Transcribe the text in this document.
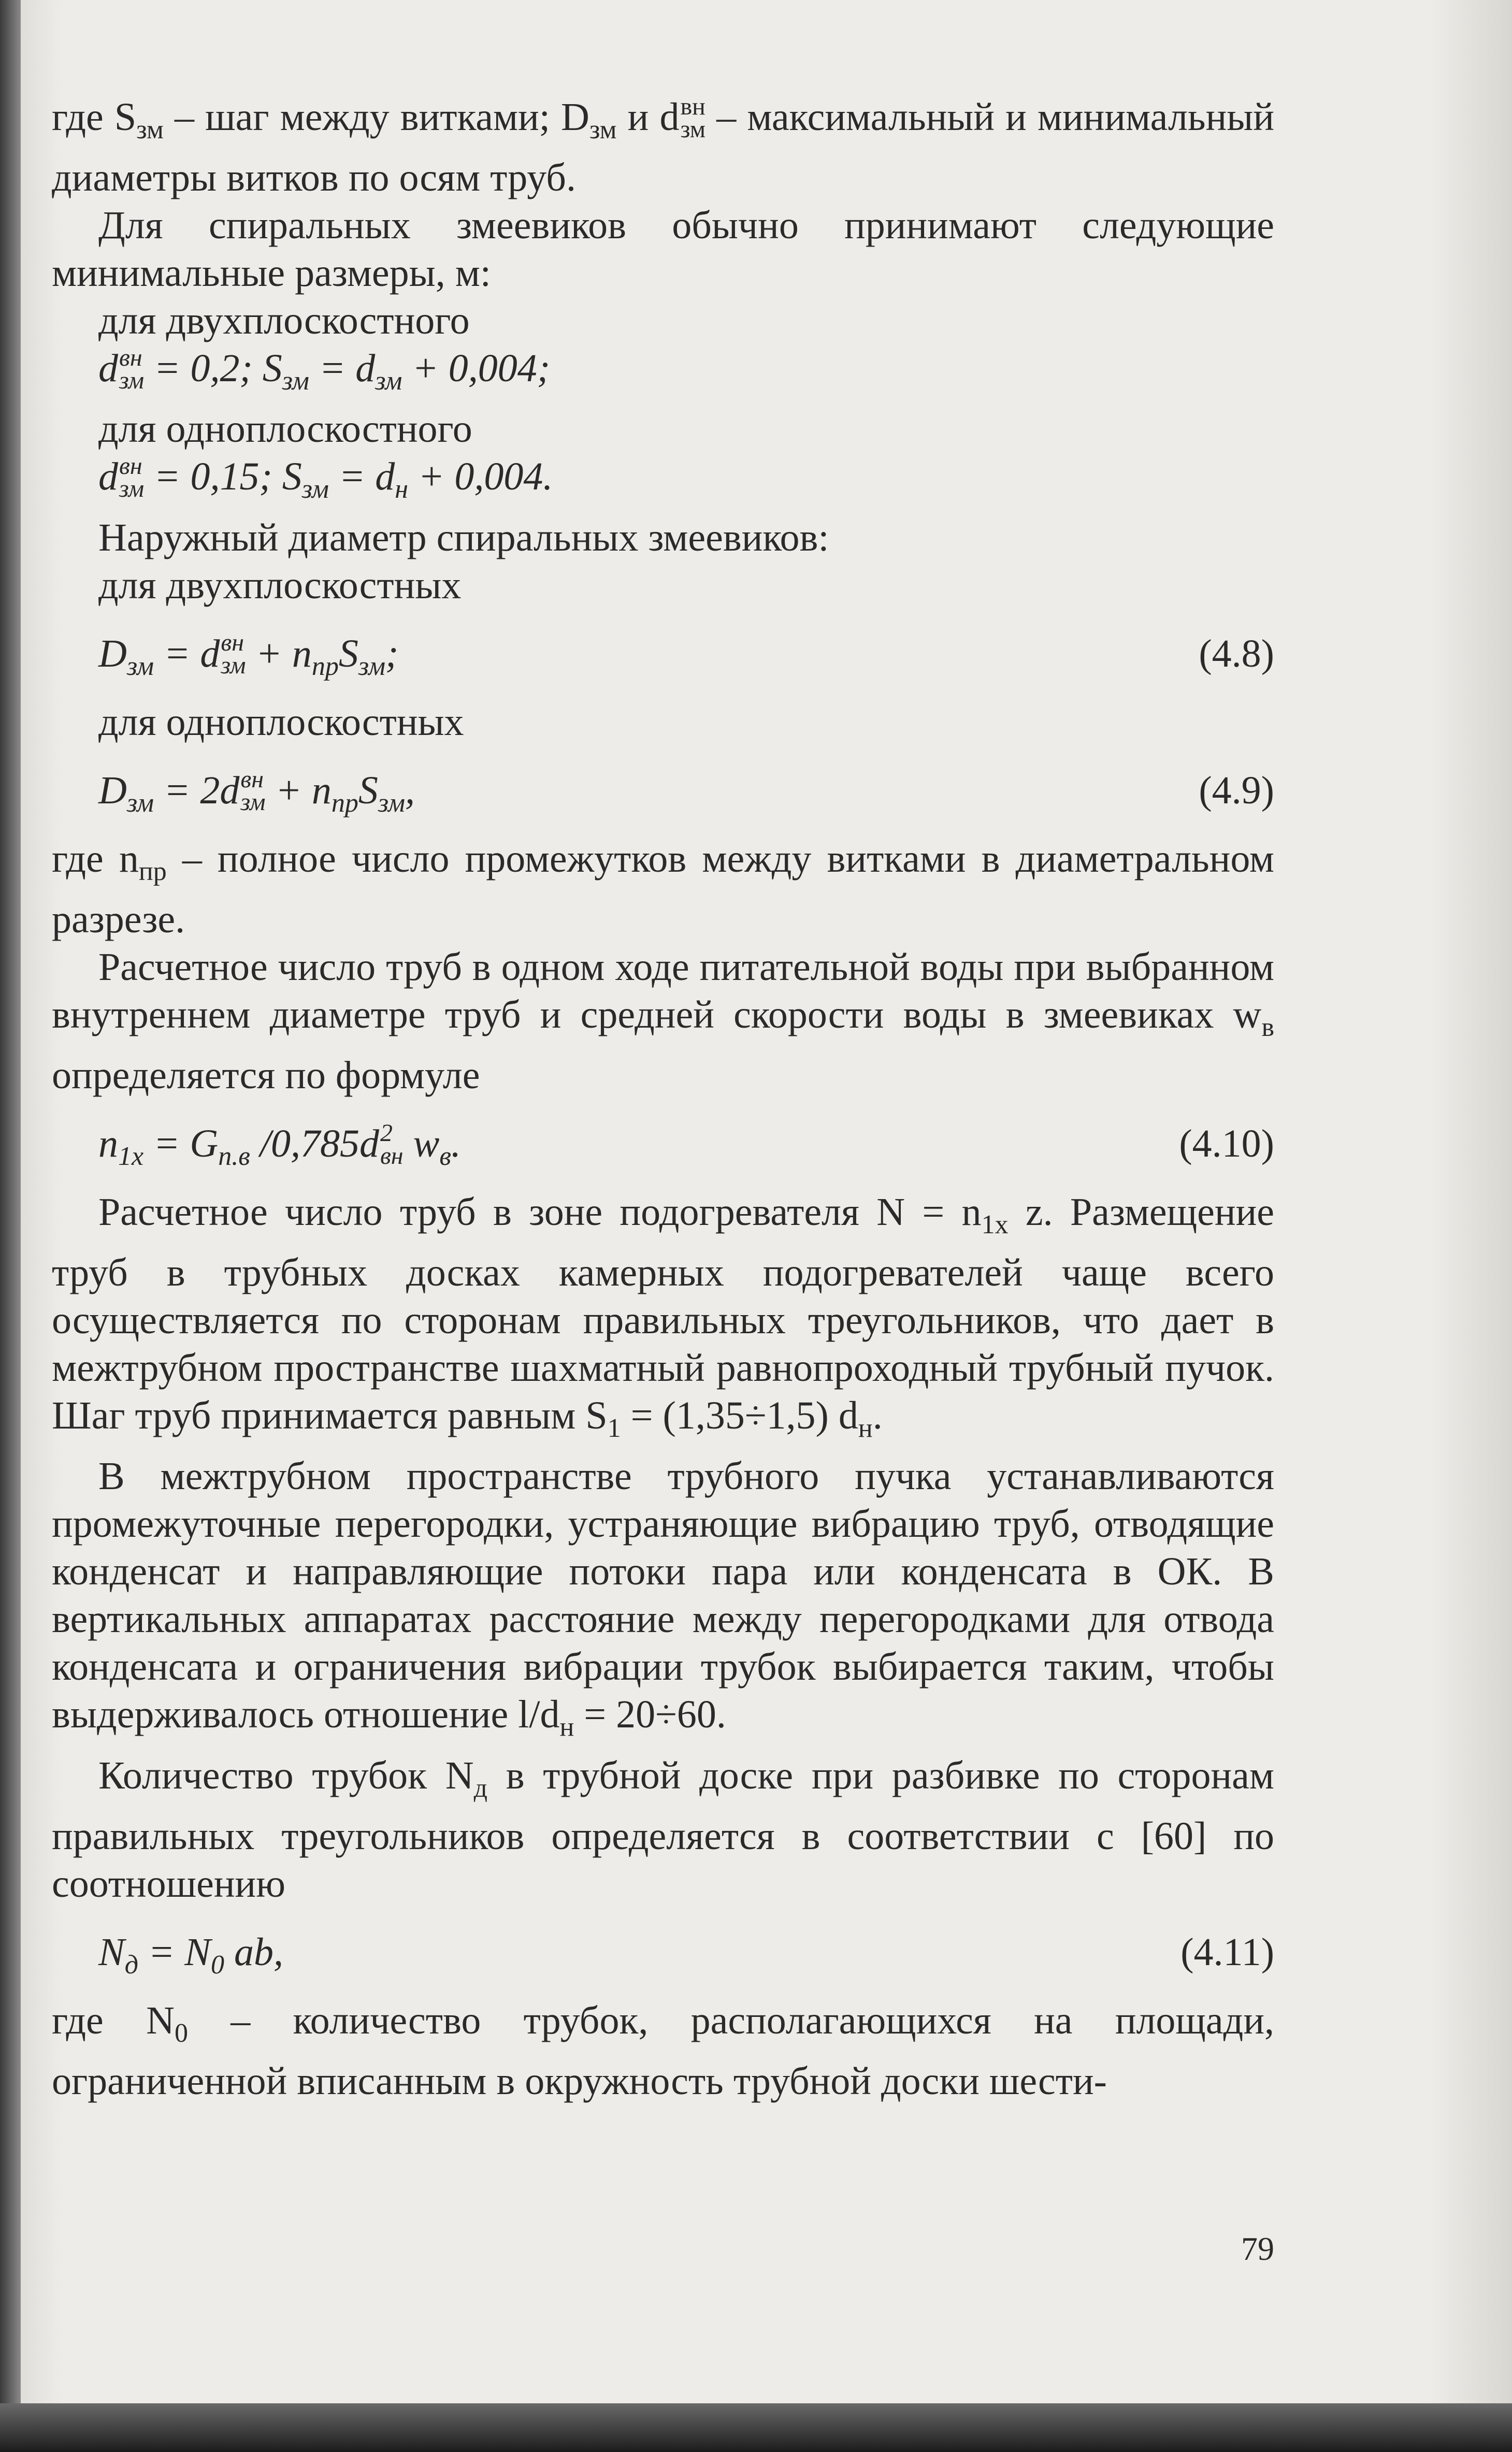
где $S_{зм}$ – шаг между витками; $D_{зм}$ и d вн
зм – максимальный и минимальный диаметры витков по осям труб.

Для спиральных змеевиков обычно принимают следующие минимальные размеры, м:

для двухплоскостного

d вн
зм = 0,2; $S_{зм} = d_{зм} + 0,004$;

для одноплоскостного

d вн
зм = 0,15; $S_{зм} = d_н + 0,004$.

Наружный диаметр спиральных змеевиков:

для двухплоскостных

$D_{зм} = d$ вн
зм + $n_{пр}S_{зм}$;	(4.8)

для одноплоскостных

$D_{зм} = 2d$ вн
зм + $n_{пр}S_{зм}$,	(4.9)

где $n_{пр}$ – полное число промежутков между витками в диаметральном разрезе.

Расчетное число труб в одном ходе питательной воды при выбранном внутреннем диаметре труб и средней скорости воды в змеевиках $w_в$ определяется по формуле

$n_{1х} = G_{п.в}$ /0,785d 2
вн $w_в$.	(4.10)

Расчетное число труб в зоне подогревателя $N = n_{1х}$ z. Размещение труб в трубных досках камерных подогревателей чаще всего осуществляется по сторонам правильных треугольников, что дает в межтрубном пространстве шахматный равнопроходный трубный пучок. Шаг труб принимается равным $S_1 = (1,35\div 1,5)$ $d_н$.

В межтрубном пространстве трубного пучка устанавливаются промежуточные перегородки, устраняющие вибрацию труб, отводящие конденсат и направляющие потоки пара или конденсата в ОК. В вертикальных аппаратах расстояние между перегородками для отвода конденсата и ограничения вибрации трубок выбирается таким, чтобы выдерживалось отношение $l/d_н = 20\div 60$.

Количество трубок $N_д$ в трубной доске при разбивке по сторонам правильных треугольников определяется в соответствии с [60] по соотношению

$N_д = N_0$ ab,	(4.11)

где $N_0$ – количество трубок, располагающихся на площади, ограниченной вписанным в окружность трубной доски шести-

79
